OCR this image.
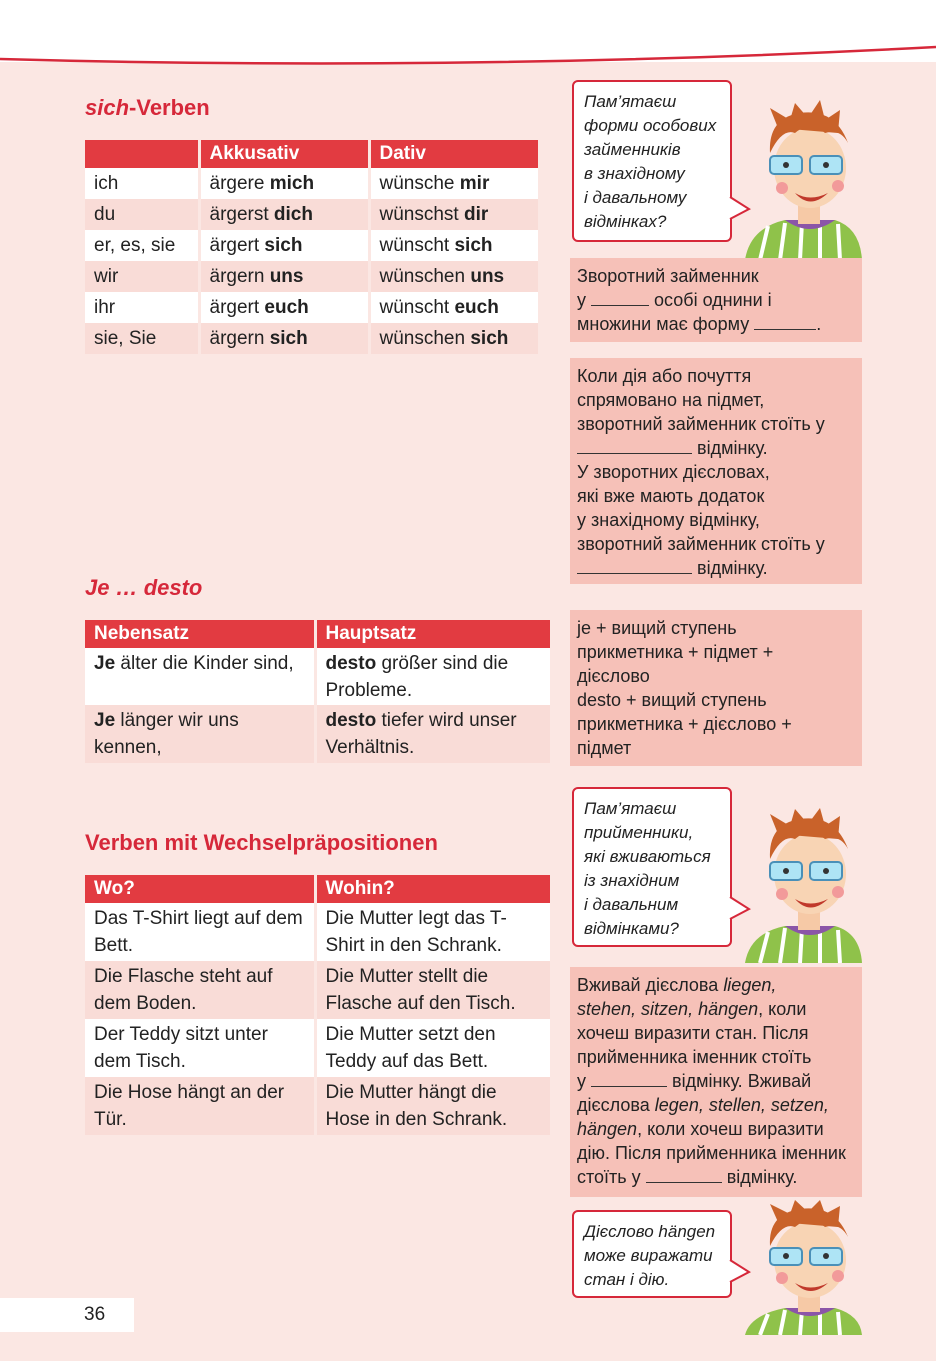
sich-Verben
	Akkusativ	Dativ
ich	ärgere mich	wünsche mir
du	ärgerst dich	wünschst dir
er, es, sie	ärgert sich	wünscht sich
wir	ärgern uns	wünschen uns
ihr	ärgert euch	wünscht euch
sie, Sie	ärgern sich	wünschen sich
Je … desto
Nebensatz	Hauptsatz
Je älter die Kinder sind,	desto größer sind die Probleme.
Je länger wir uns kennen,	desto tiefer wird unser Verhältnis.
Verben mit Wechselpräpositionen
Wo?	Wohin?
Das T-Shirt liegt auf dem Bett.	Die Mutter legt das T-Shirt in den Schrank.
Die Flasche steht auf dem Boden.	Die Mutter stellt die Flasche auf den Tisch.
Der Teddy sitzt unter dem Tisch.	Die Mutter setzt den Teddy auf das Bett.
Die Hose hängt an der Tür.	Die Mutter hängt die Hose in den Schrank.
Пам’ятаєш
форми особових
займенників
в знахідному
і давальному
відмінках?
Зворотний займенник
у	особі однини і
множини має форму	.
Коли дія або почуття
спрямовано на підмет,
зворотний займенник стоїть у
відмінку.
У зворотних дієсловах,
які вже мають додаток
у знахідному відмінку,
зворотний займенник стоїть у
відмінку.
je + вищий ступень
прикметника + підмет +
дієслово
desto + вищий ступень
прикметника + дієслово +
підмет
Пам’ятаєш
прийменники,
які вживаються
із знахідним
і давальним
відмінками?
Вживай дієслова liegen,
stehen, sitzen, hängen, коли
хочеш виразити стан. Після
прийменника іменник стоїть
у	відмінку. Вживай
дієслова legen, stellen, setzen,
hängen, коли хочеш виразити
дію. Після прийменника іменник
стоїть у	відмінку.
Дієслово hängen
може виражати
стан і дію.
36
